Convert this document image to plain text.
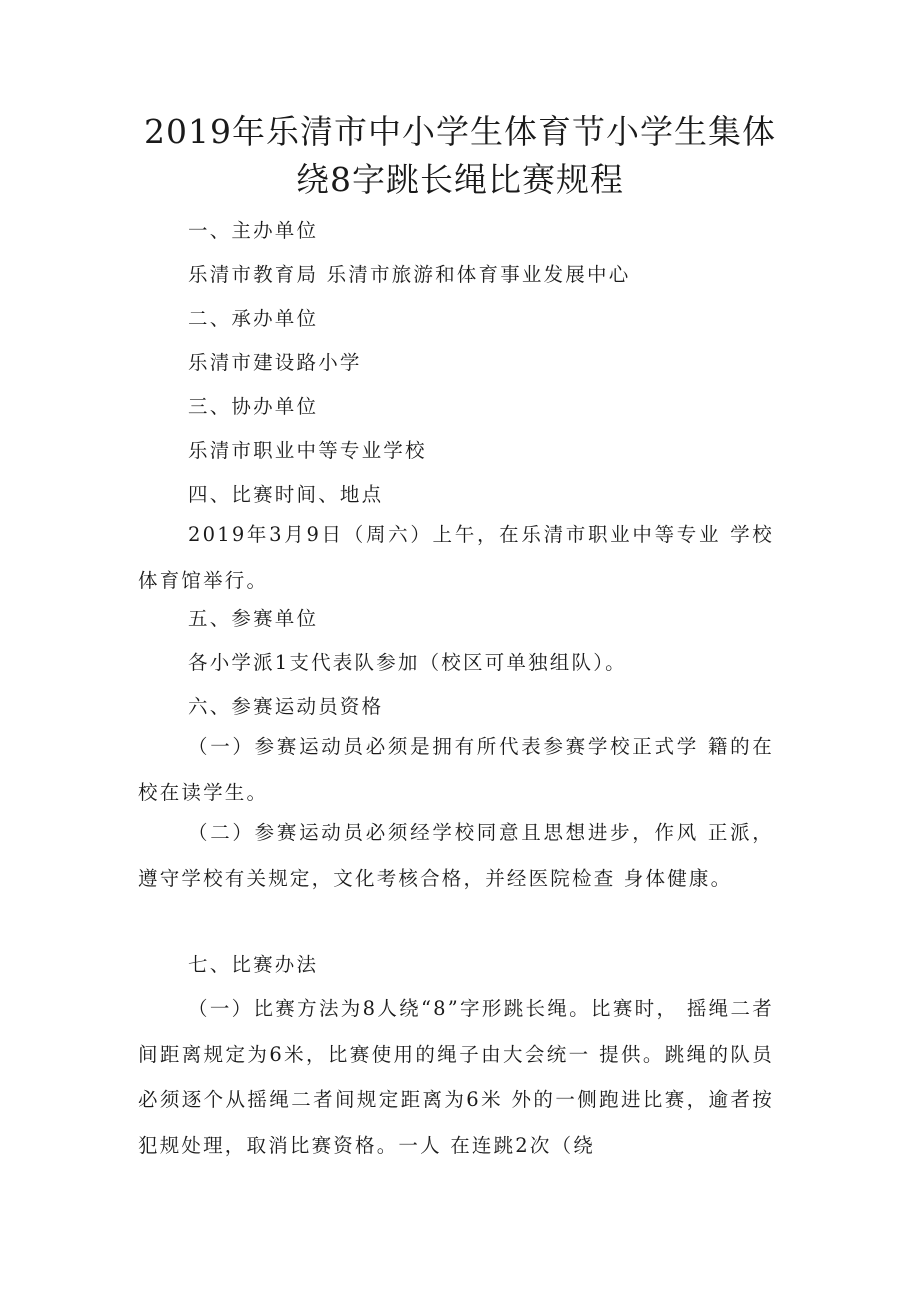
2019年乐清市中小学生体育节小学生集体
绕8字跳长绳比赛规程
一、主办单位
乐清市教育局 乐清市旅游和体育事业发展中心
二、承办单位
乐清市建设路小学
三、协办单位
乐清市职业中等专业学校
四、比赛时间、地点
2019年3月9日（周六）上午，在乐清市职业中等专业 学校体育馆举行。
五、参赛单位
各小学派1支代表队参加（校区可单独组队）。
六、参赛运动员资格
（一）参赛运动员必须是拥有所代表参赛学校正式学 籍的在校在读学生。
（二）参赛运动员必须经学校同意且思想进步，作风 正派，遵守学校有关规定，文化考核合格，并经医院检查 身体健康。
七、比赛办法
（一）比赛方法为8人绕“8”字形跳长绳。比赛时， 摇绳二者间距离规定为6米，比赛使用的绳子由大会统一 提供。跳绳的队员必须逐个从摇绳二者间规定距离为6米 外的一侧跑进比赛，逾者按犯规处理，取消比赛资格。一人 在连跳2次（绕
